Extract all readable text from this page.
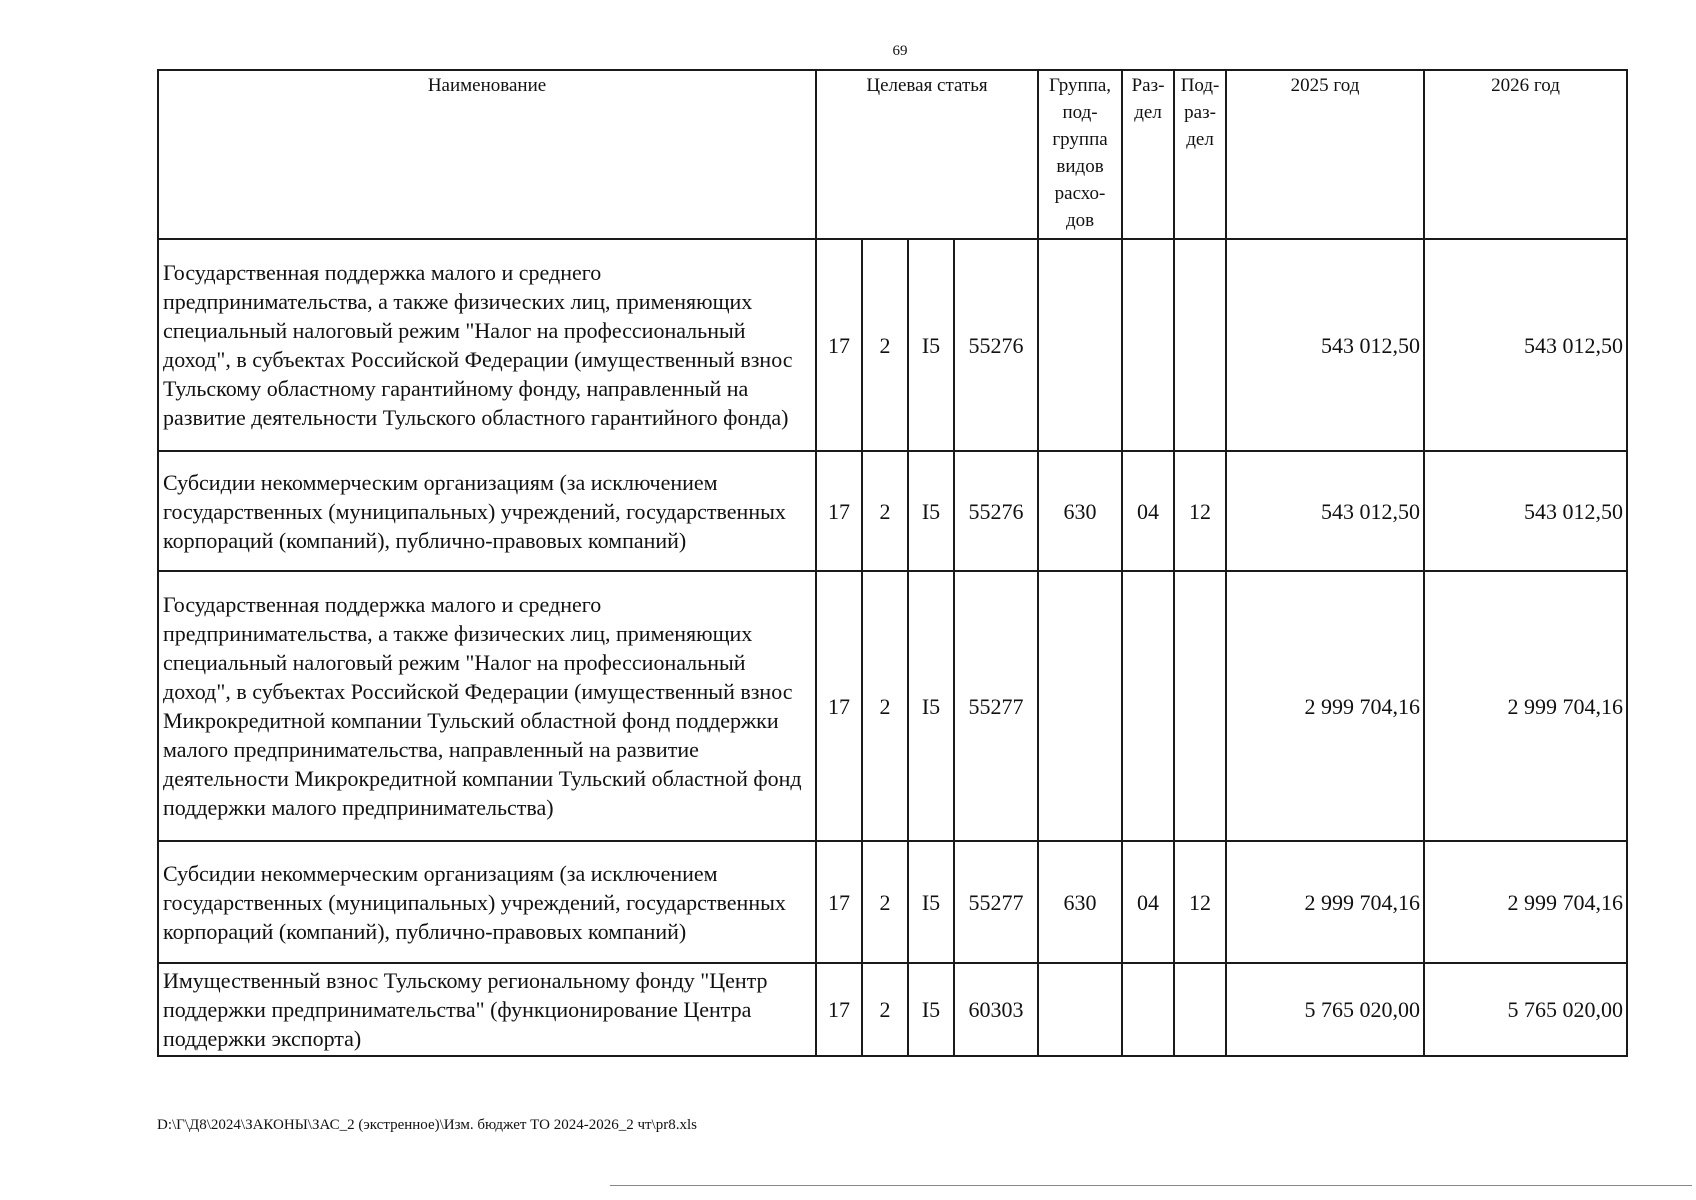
69
Наименование	Целевая статья				Группа, под-группа видов расхо-дов	Раз-дел	Под-раз-дел	2025 год	2026 год
Государственная поддержка малого и среднего предпринимательства, а также физических лиц, применяющих специальный налоговый режим "Налог на профессиональный доход", в субъектах Российской Федерации (имущественный взнос Тульскому областному гарантийному фонду, направленный на развитие деятельности Тульского областного гарантийного фонда)	17	2	I5	55276				543 012,50	543 012,50
Субсидии некоммерческим организациям (за исключением государственных (муниципальных) учреждений, государственных корпораций (компаний), публично-правовых компаний)	17	2	I5	55276	630	04	12	543 012,50	543 012,50
Государственная поддержка малого и среднего предпринимательства, а также физических лиц, применяющих специальный налоговый режим "Налог на профессиональный доход", в субъектах Российской Федерации (имущественный взнос Микрокредитной компании Тульский областной фонд поддержки малого предпринимательства, направленный на развитие деятельности Микрокредитной компании Тульский областной фонд поддержки малого предпринимательства)	17	2	I5	55277				2 999 704,16	2 999 704,16
Субсидии некоммерческим организациям (за исключением государственных (муниципальных) учреждений, государственных корпораций (компаний), публично-правовых компаний)	17	2	I5	55277	630	04	12	2 999 704,16	2 999 704,16
Имущественный взнос Тульскому региональному фонду "Центр поддержки предпринимательства" (функционирование Центра поддержки экспорта)	17	2	I5	60303				5 765 020,00	5 765 020,00
D:\Г\Д8\2024\ЗАКОНЫ\ЗАС_2 (экстренное)\Изм. бюджет ТО 2024-2026_2 чт\pr8.xls
